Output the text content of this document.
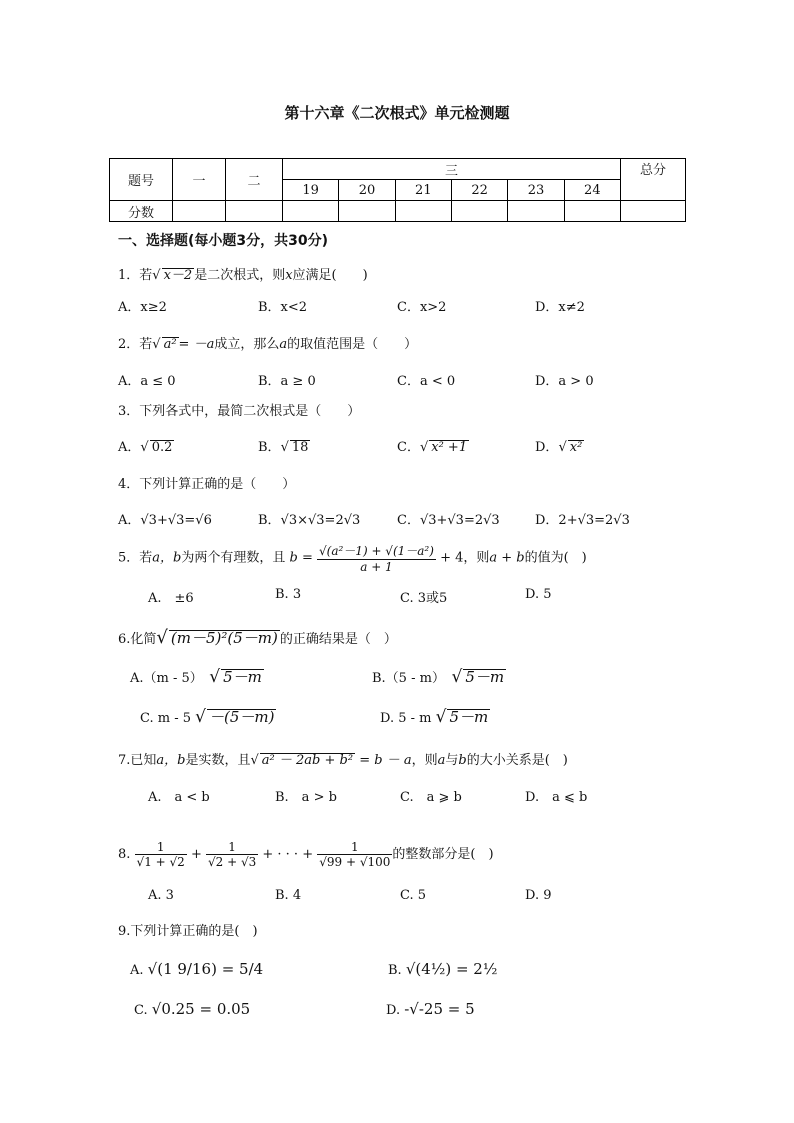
第十六章《二次根式》单元检测题
题号	一	二	三						总分
			19	20	21	22	23	24	
分数									
一、选择题(每小题3分，共30分)
1．若√ x－2 是二次根式，则x应满足(　　)
A．x≥2	B．x<2	C．x>2	D．x≠2
2．若√ a² = －a成立，那么a的取值范围是（　　）
A．a ≤ 0	B．a ≥ 0	C．a < 0	D．a > 0
3．下列各式中，最简二次根式是（　　）
A．√ 0.2	B．√ 18	C．√ x² +1	D．√ x²
4．下列计算正确的是（　　）
A．√3+√3=√6	B．√3×√3=2√3	C．√3+√3=2√3	D．2+√3=2√3
5．若a，b为两个有理数，且 $b = \frac{\text{√(a²－1) + √(1－a²)}}{a + 1} + 4$，则a + b的值为(　)
A.　±6	B. 3	C. 3或5	D. 5
6.化简√ (m－5)²(5－m) 的正确结果是（　）
A.（m - 5）　 √ 5－m	B.（5 - m）　 √ 5－m
C. m - 5 √ －(5－m)	D. 5 - m √ 5－m
7.已知a，b是实数，且√ a² － 2ab + b² = b － a，则a与b的大小关系是(　)
A.　a < b	B.　a > b	C.　a ⩾ b	D.　a ⩽ b
8. $\frac{1}{√1 + √2} + \frac{1}{√2 + √3}$ + · · · + $\frac{1}{√99 + √100}$ 的整数部分是(　)
A. 3	B. 4	C. 5	D. 9
9.下列计算正确的是(　)
A. √(1 9/16) = 5/4	B. √(4½) = 2½
C. √0.25 = 0.05	D. -√-25 = 5
